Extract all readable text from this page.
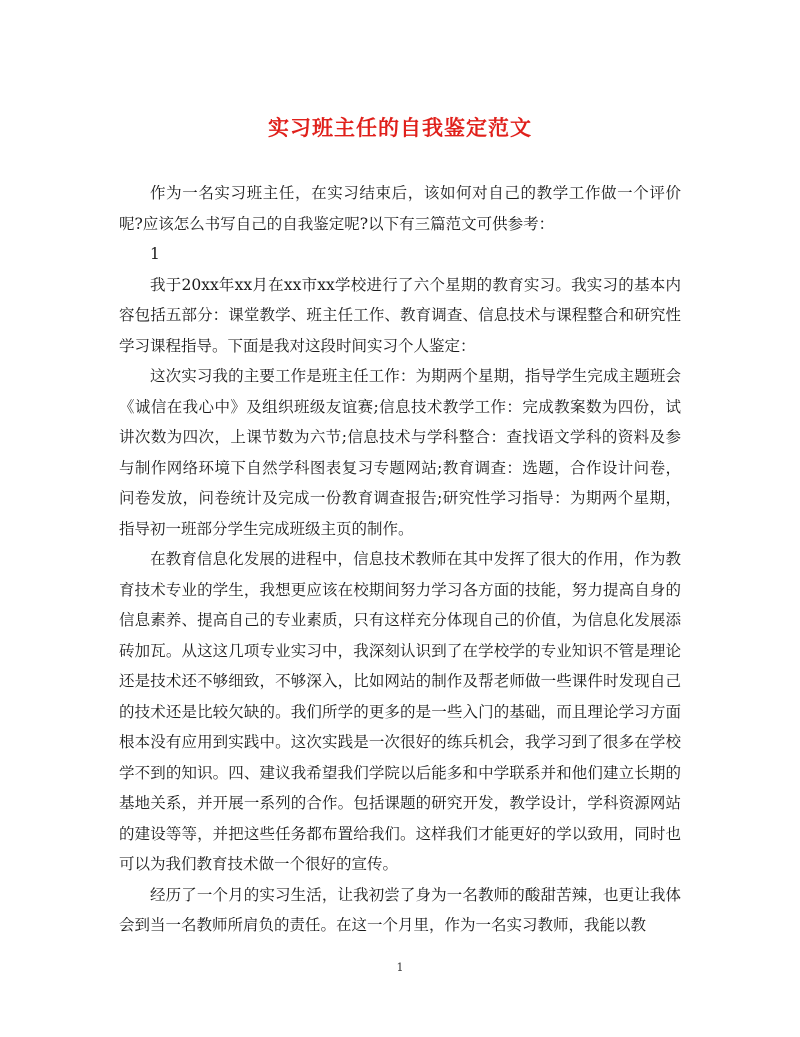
实习班主任的自我鉴定范文

作为一名实习班主任，在实习结束后，该如何对自己的教学工作做一个评价呢?应该怎么书写自己的自我鉴定呢?以下有三篇范文可供参考：

1

我于20xx年xx月在xx市xx学校进行了六个星期的教育实习。我实习的基本内容包括五部分：课堂教学、班主任工作、教育调查、信息技术与课程整合和研究性学习课程指导。下面是我对这段时间实习个人鉴定：

这次实习我的主要工作是班主任工作：为期两个星期，指导学生完成主题班会《诚信在我心中》及组织班级友谊赛;信息技术教学工作：完成教案数为四份，试讲次数为四次，上课节数为六节;信息技术与学科整合：查找语文学科的资料及参与制作网络环境下自然学科图表复习专题网站;教育调查：选题，合作设计问卷，问卷发放，问卷统计及完成一份教育调查报告;研究性学习指导：为期两个星期，指导初一班部分学生完成班级主页的制作。

在教育信息化发展的进程中，信息技术教师在其中发挥了很大的作用，作为教育技术专业的学生，我想更应该在校期间努力学习各方面的技能，努力提高自身的信息素养、提高自己的专业素质，只有这样充分体现自己的价值，为信息化发展添砖加瓦。从这这几项专业实习中，我深刻认识到了在学校学的专业知识不管是理论还是技术还不够细致，不够深入，比如网站的制作及帮老师做一些课件时发现自己的技术还是比较欠缺的。我们所学的更多的是一些入门的基础，而且理论学习方面根本没有应用到实践中。这次实践是一次很好的练兵机会，我学习到了很多在学校学不到的知识。四、建议我希望我们学院以后能多和中学联系并和他们建立长期的基地关系，并开展一系列的合作。包括课题的研究开发，教学设计，学科资源网站的建设等等，并把这些任务都布置给我们。这样我们才能更好的学以致用，同时也可以为我们教育技术做一个很好的宣传。

经历了一个月的实习生活，让我初尝了身为一名教师的酸甜苦辣，也更让我体会到当一名教师所肩负的责任。在这一个月里，作为一名实习教师，我能以教

1
